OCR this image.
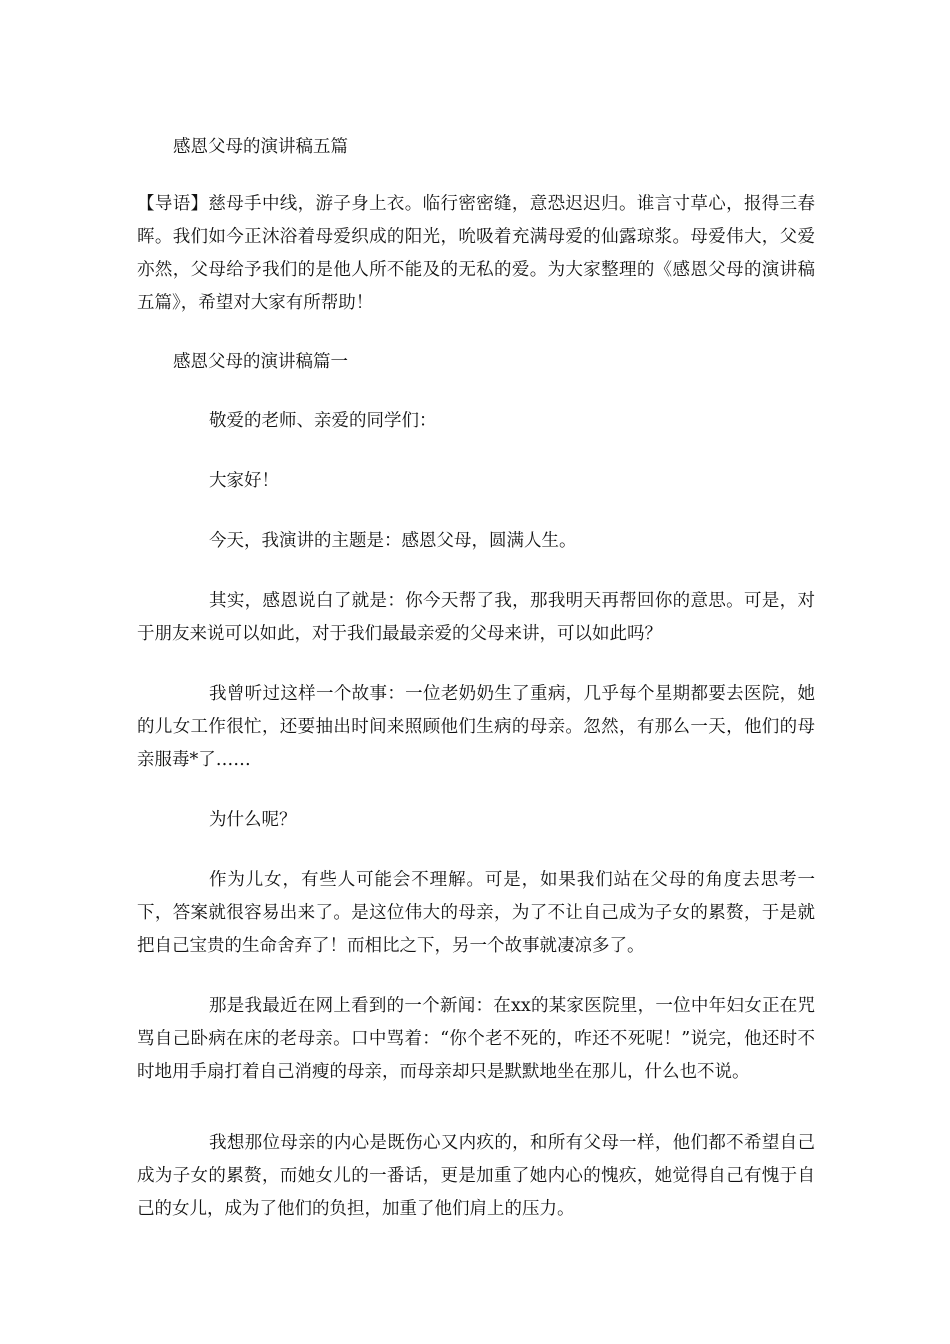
感恩父母的演讲稿五篇

【导语】慈母手中线，游子身上衣。临行密密缝，意恐迟迟归。谁言寸草心，报得三春晖。我们如今正沐浴着母爱织成的阳光，吮吸着充满母爱的仙露琼浆。母爱伟大，父爱亦然，父母给予我们的是他人所不能及的无私的爱。为大家整理的《感恩父母的演讲稿五篇》，希望对大家有所帮助！

感恩父母的演讲稿篇一

敬爱的老师、亲爱的同学们：

大家好！

今天，我演讲的主题是：感恩父母，圆满人生。

其实，感恩说白了就是：你今天帮了我，那我明天再帮回你的意思。可是，对于朋友来说可以如此，对于我们最最亲爱的父母来讲，可以如此吗？

我曾听过这样一个故事：一位老奶奶生了重病，几乎每个星期都要去医院，她的儿女工作很忙，还要抽出时间来照顾他们生病的母亲。忽然，有那么一天，他们的母亲服毒*了……

为什么呢？

作为儿女，有些人可能会不理解。可是，如果我们站在父母的角度去思考一下，答案就很容易出来了。是这位伟大的母亲，为了不让自己成为子女的累赘，于是就把自己宝贵的生命舍弃了！而相比之下，另一个故事就凄凉多了。

那是我最近在网上看到的一个新闻：在xx的某家医院里，一位中年妇女正在咒骂自己卧病在床的老母亲。口中骂着：“你个老不死的，咋还不死呢！”说完，他还时不时地用手扇打着自己消瘦的母亲，而母亲却只是默默地坐在那儿，什么也不说。

我想那位母亲的内心是既伤心又内疚的，和所有父母一样，他们都不希望自己成为子女的累赘，而她女儿的一番话，更是加重了她内心的愧疚，她觉得自己有愧于自己的女儿，成为了他们的负担，加重了他们肩上的压力。
